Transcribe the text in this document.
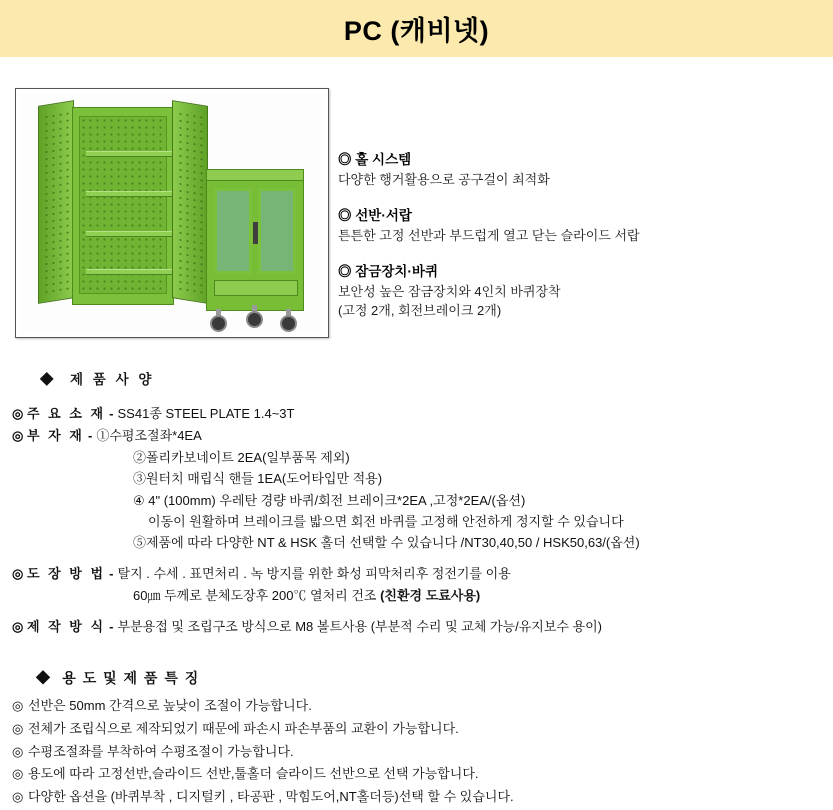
PC (캐비넷)
◎ 홀 시스템
다양한 행거활용으로 공구걸이 최적화
◎ 선반·서랍
튼튼한 고정 선반과 부드럽게 열고 닫는 슬라이드 서랍
◎ 잠금장치·바퀴
보안성 높은 잠금장치와 4인치 바퀴장착
(고정 2개, 회전브레이크 2개)
◆ 제 품 사 양
◎ 주 요 소 재 - SS41종 STEEL PLATE 1.4~3T
◎ 부 자 재 - ①수평조절좌*4EA
②폴리카보네이트 2EA(일부품목 제외)
③원터치 매립식 핸들 1EA(도어타입만 적용)
④ 4" (100mm) 우레탄 경량 바퀴/회전 브레이크*2EA ,고정*2EA/(옵션)
이동이 원활하며 브레이크를 밟으면 회전 바퀴를 고정해 안전하게 정지할 수 있습니다
⑤제품에 따라 다양한 NT & HSK 홀더 선택할 수 있습니다 /NT30,40,50 / HSK50,63/(옵션)
◎ 도 장 방 법 - 탈지 . 수세 . 표면처리 . 녹 방지를 위한 화성 피막처리후 정전기를 이용
60㎛ 두께로 분체도장후 200℃ 열처리 건조 (친환경 도료사용)
◎ 제 작 방 식 - 부분용접 및 조립구조 방식으로 M8 볼트사용 (부분적 수리 및 교체 가능/유지보수 용이)
◆ 용 도 및 제 품 특 징
◎ 선반은 50mm 간격으로 높낮이 조절이 가능합니다.
◎ 전체가 조립식으로 제작되었기 때문에 파손시 파손부품의 교환이 가능합니다.
◎ 수평조절좌를 부착하여 수평조절이 가능합니다.
◎ 용도에 따라 고정선반,슬라이드 선반,툴홀더 슬라이드 선반으로 선택 가능합니다.
◎ 다양한 옵션을 (바퀴부착 , 디지털키 , 타공판 , 막힘도어,NT홀더등)선택 할 수 있습니다.
